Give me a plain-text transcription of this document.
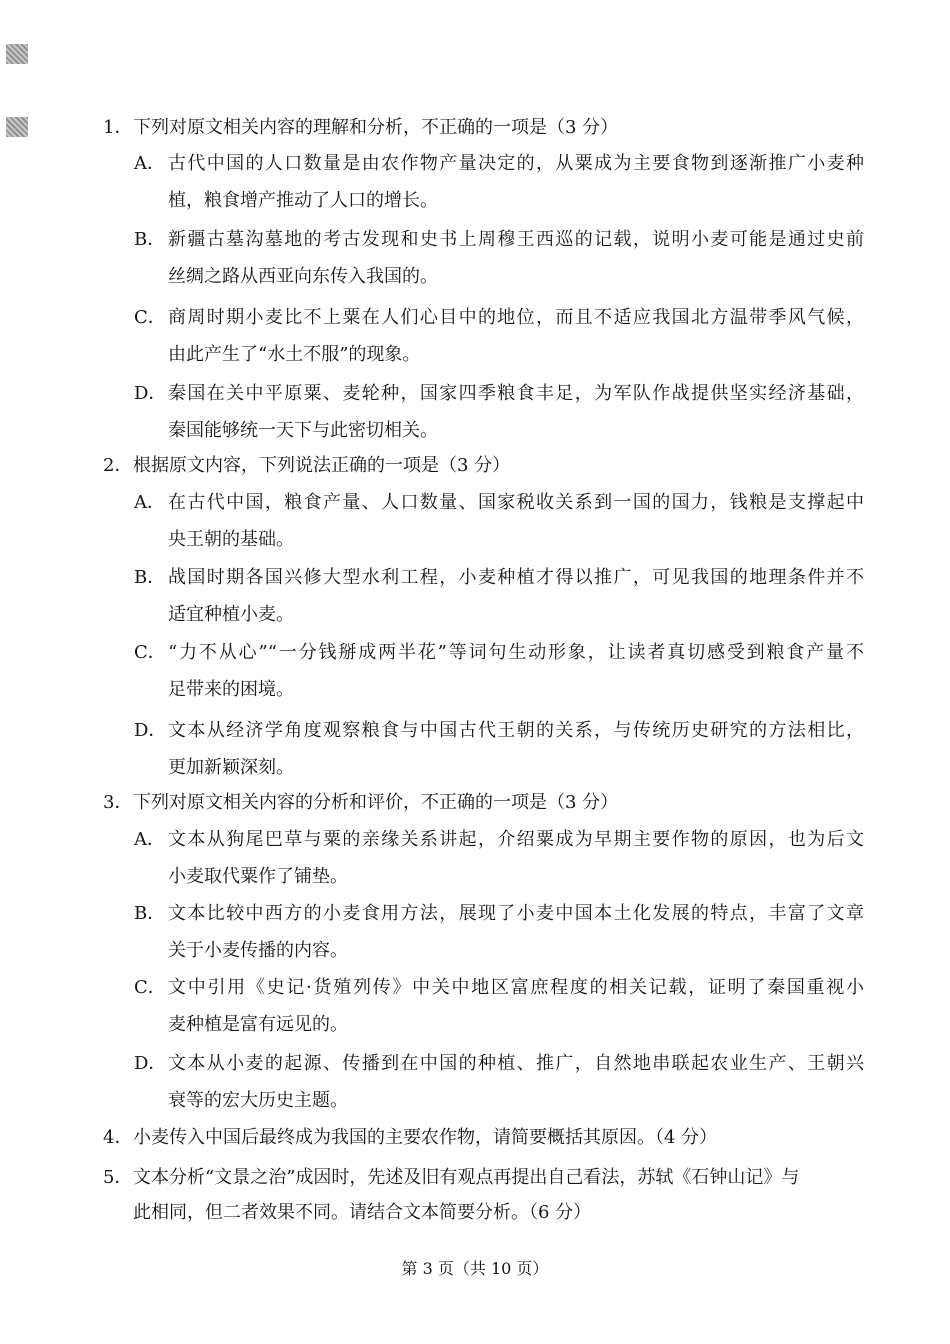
1． 下列对原文相关内容的理解和分析，不正确的一项是（3 分）
A． 古代中国的人口数量是由农作物产量决定的，从粟成为主要食物到逐渐推广小麦种
植，粮食增产推动了人口的增长。
B． 新疆古墓沟墓地的考古发现和史书上周穆王西巡的记载，说明小麦可能是通过史前
丝绸之路从西亚向东传入我国的。
C． 商周时期小麦比不上粟在人们心目中的地位，而且不适应我国北方温带季风气候，
由此产生了“水土不服”的现象。
D． 秦国在关中平原粟、麦轮种，国家四季粮食丰足，为军队作战提供坚实经济基础，
秦国能够统一天下与此密切相关。
2． 根据原文内容，下列说法正确的一项是（3 分）
A． 在古代中国，粮食产量、人口数量、国家税收关系到一国的国力，钱粮是支撑起中
央王朝的基础。
B． 战国时期各国兴修大型水利工程，小麦种植才得以推广，可见我国的地理条件并不
适宜种植小麦。
C． “力不从心”“一分钱掰成两半花”等词句生动形象，让读者真切感受到粮食产量不
足带来的困境。
D． 文本从经济学角度观察粮食与中国古代王朝的关系，与传统历史研究的方法相比，
更加新颖深刻。
3． 下列对原文相关内容的分析和评价，不正确的一项是（3 分）
A． 文本从狗尾巴草与粟的亲缘关系讲起，介绍粟成为早期主要作物的原因，也为后文
小麦取代粟作了铺垫。
B． 文本比较中西方的小麦食用方法，展现了小麦中国本土化发展的特点，丰富了文章
关于小麦传播的内容。
C． 文中引用《史记·货殖列传》中关中地区富庶程度的相关记载，证明了秦国重视小
麦种植是富有远见的。
D． 文本从小麦的起源、传播到在中国的种植、推广，自然地串联起农业生产、王朝兴
衰等的宏大历史主题。
4． 小麦传入中国后最终成为我国的主要农作物，请简要概括其原因。（4 分）
5． 文本分析“文景之治”成因时，先述及旧有观点再提出自己看法，苏轼《石钟山记》与
此相同，但二者效果不同。请结合文本简要分析。（6 分）
第 3 页（共 10 页）
